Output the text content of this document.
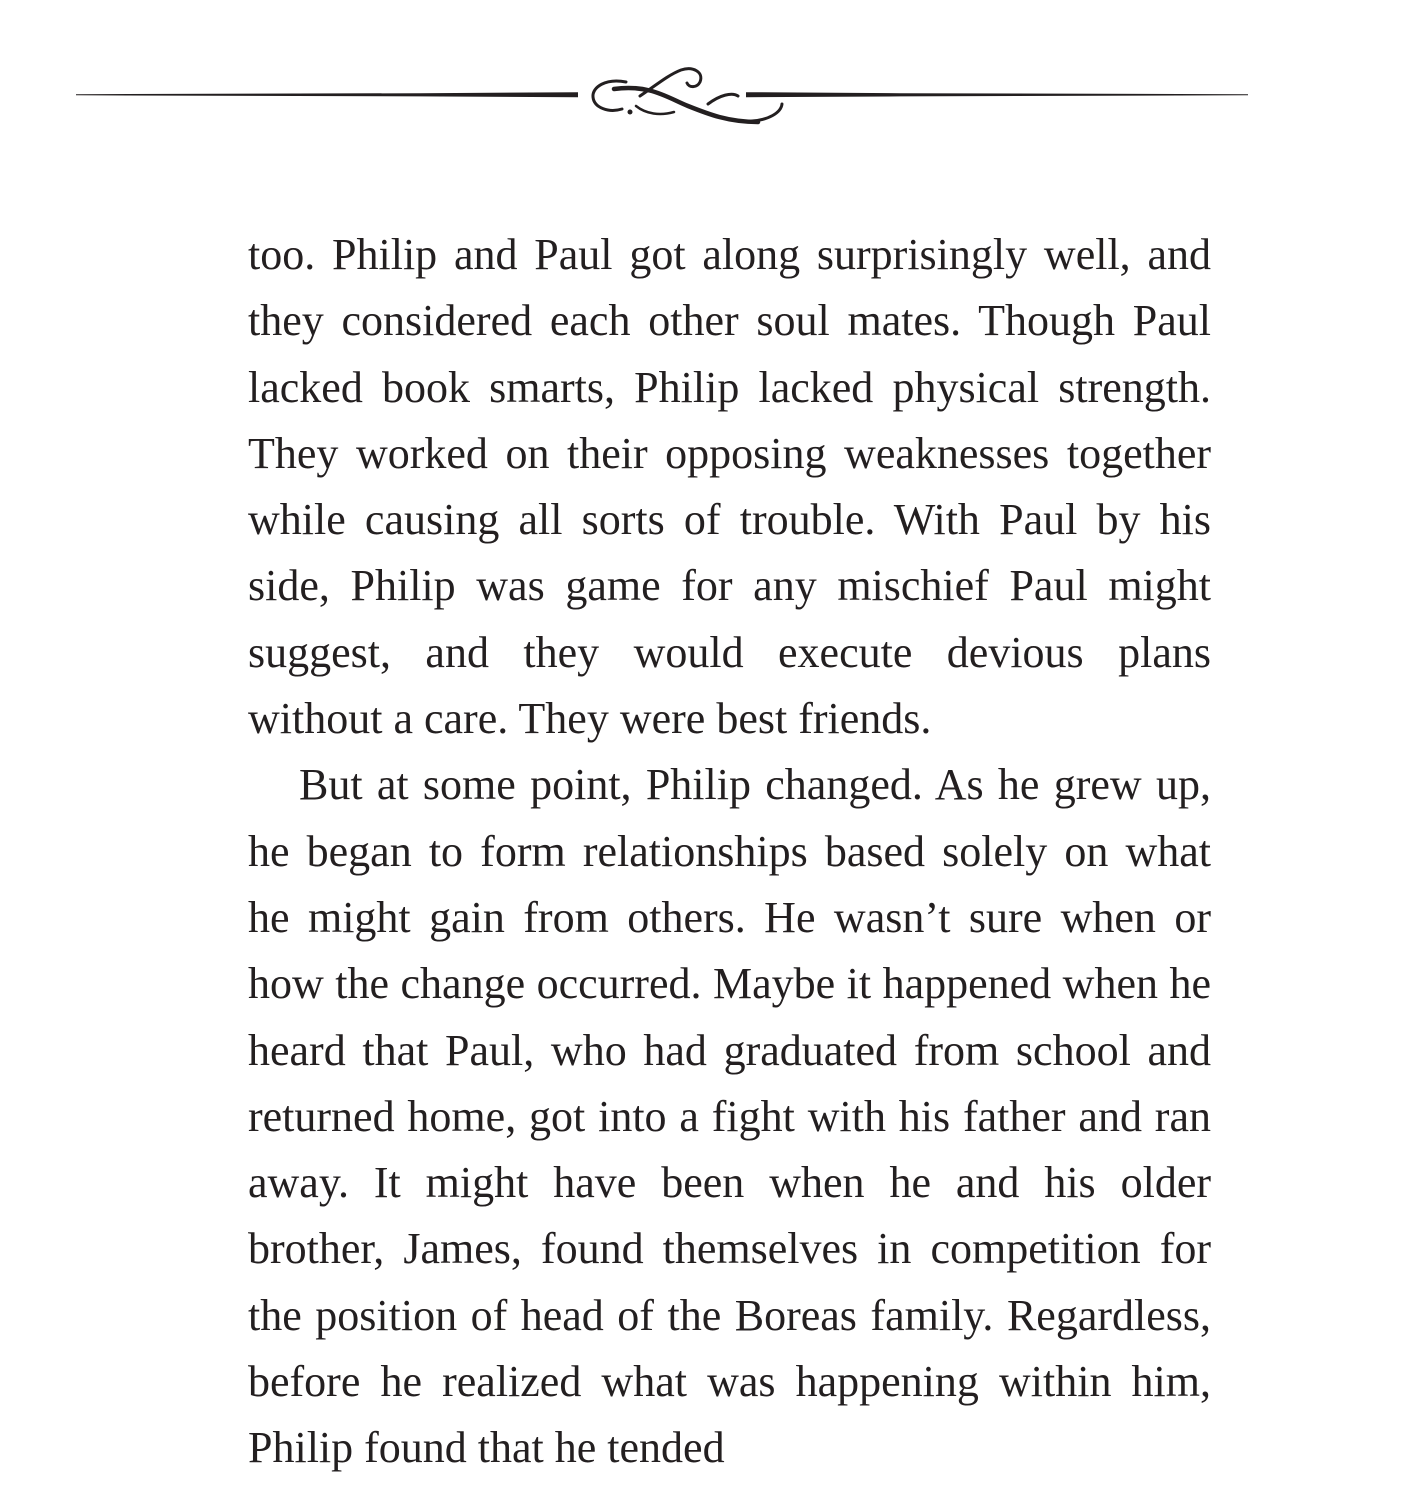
too. Philip and Paul got along surprisingly well, and they considered each other soul mates. Though Paul lacked book smarts, Philip lacked physical strength. They worked on their opposing weaknesses together while causing all sorts of trouble. With Paul by his side, Philip was game for any mischief Paul might suggest, and they would execute devious plans without a care. They were best friends.

But at some point, Philip changed. As he grew up, he began to form relationships based solely on what he might gain from others. He wasn’t sure when or how the change occurred. Maybe it happened when he heard that Paul, who had graduated from school and returned home, got into a fight with his father and ran away. It might have been when he and his older brother, James, found themselves in competition for the position of head of the Boreas family. Regardless, before he realized what was happening within him, Philip found that he tended
